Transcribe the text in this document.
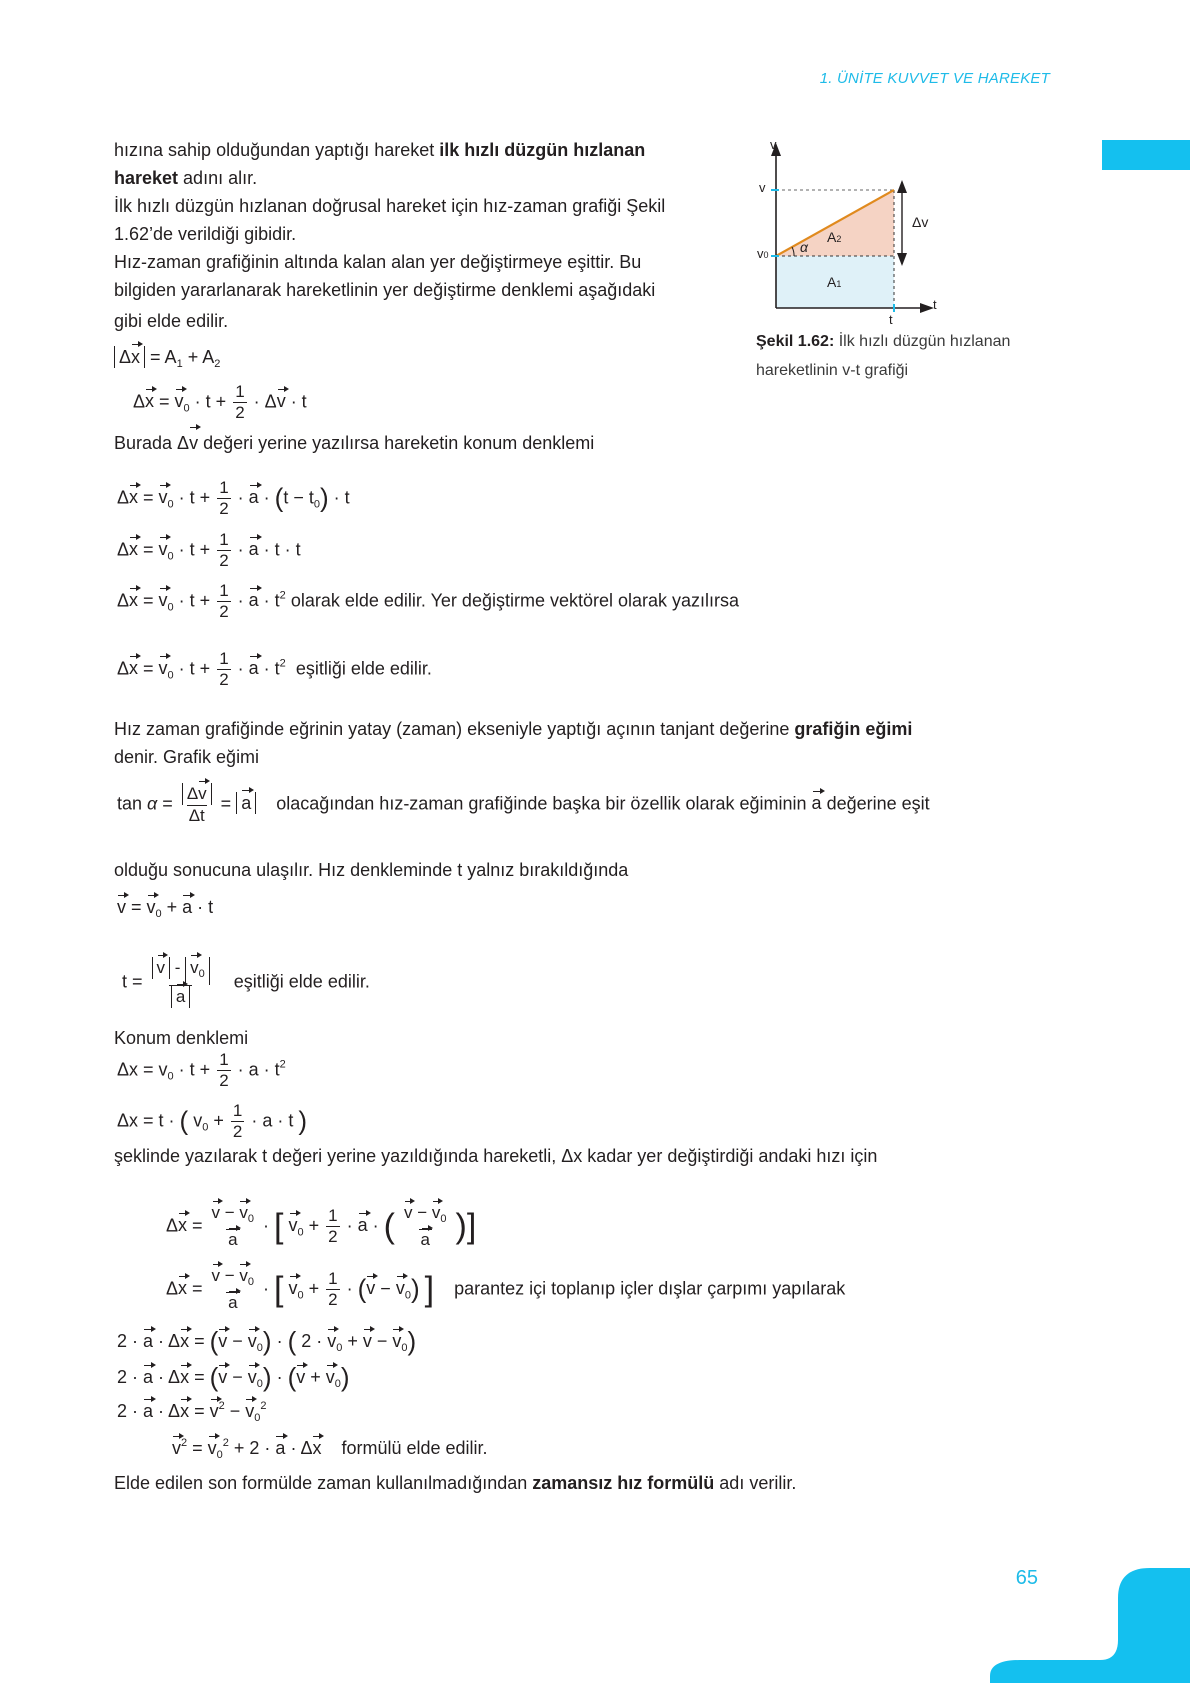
1. ÜNİTE KUVVET VE HAREKET
hızına sahip olduğundan yaptığı hareket ilk hızlı düzgün hızlanan
hareket adını alır.
İlk hızlı düzgün hızlanan doğrusal hareket için hız-zaman grafiği Şekil
1.62’de verildiği gibidir.
Hız-zaman grafiğinin altında kalan alan yer değiştirmeye eşittir. Bu
bilgiden yararlanarak hareketlinin yer değiştirme denklemi aşağıdaki
gibi elde edilir.
v
t
v
v0
t
Δv
A1
A2
α
Şekil 1.62: İlk hızlı düzgün hızlanan
hareketlinin v-t grafiği
$\Delta x = A_1 + A_2$
$\Delta x = v_0 \cdot t + \frac{1}{2} \cdot \Delta v \cdot t$
Burada Δv değeri yerine yazılırsa hareketin konum denklemi
$\Delta x = v_0 \cdot t + \frac{1}{2} \cdot a \cdot (t - t_0) \cdot t$
$\Delta x = v_0 \cdot t + \frac{1}{2} \cdot a \cdot t \cdot t$
$\Delta x = v_0 \cdot t + \frac{1}{2} \cdot a \cdot t^2$ olarak elde edilir. Yer değiştirme vektörel olarak yazılırsa
$\Delta x = v_0 \cdot t + \frac{1}{2} \cdot a \cdot t^2$ eşitliği elde edilir.
Hız zaman grafiğinde eğrinin yatay (zaman) ekseniyle yaptığı açının tanjant değerine grafiğin eğimi
denir. Grafik eğimi
$\tan \alpha = \frac{\Delta v}{\Delta t} = a$ olacağından hız-zaman grafiğinde başka bir özellik olarak eğiminin a değerine eşit
olduğu sonucuna ulaşılır. Hız denkleminde t yalnız bırakıldığında
$v = v_0 + a \cdot t$
$t = \frac{v - v_0}{a}$ eşitliği elde edilir.
Konum denklemi
$\Delta x = v_0 \cdot t + \frac{1}{2} \cdot a \cdot t^2$
Δx = t · ( $v_0 + \frac{1}{2} \cdot a \cdot t$ )
şeklinde yazılarak t değeri yerine yazıldığında hareketli, Δx kadar yer değiştirdiği andaki hızı için
$\Delta x = \frac{v - v_0}{a}$ · [ $v_0 + \frac{1}{2} \cdot a$ · ( $\frac{v - v_0}{a}$ )]
$\Delta x = \frac{v - v_0}{a}$ · [ $v_0 + \frac{1}{2} \cdot (v - v_0)$ ] parantez içi toplanıp içler dışlar çarpımı yapılarak
$2 \cdot a \cdot \Delta x = (v - v_0)$ · ( $2 \cdot v_0 + v - v_0$)
$2 \cdot a \cdot \Delta x = (v - v_0) \cdot (v + v_0)$
$2 \cdot a \cdot \Delta x = v^2 - v_0^2$
$v^2 = v_0^2 + 2 \cdot a \cdot \Delta x$ formülü elde edilir.
Elde edilen son formülde zaman kullanılmadığından zamansız hız formülü adı verilir.
65
